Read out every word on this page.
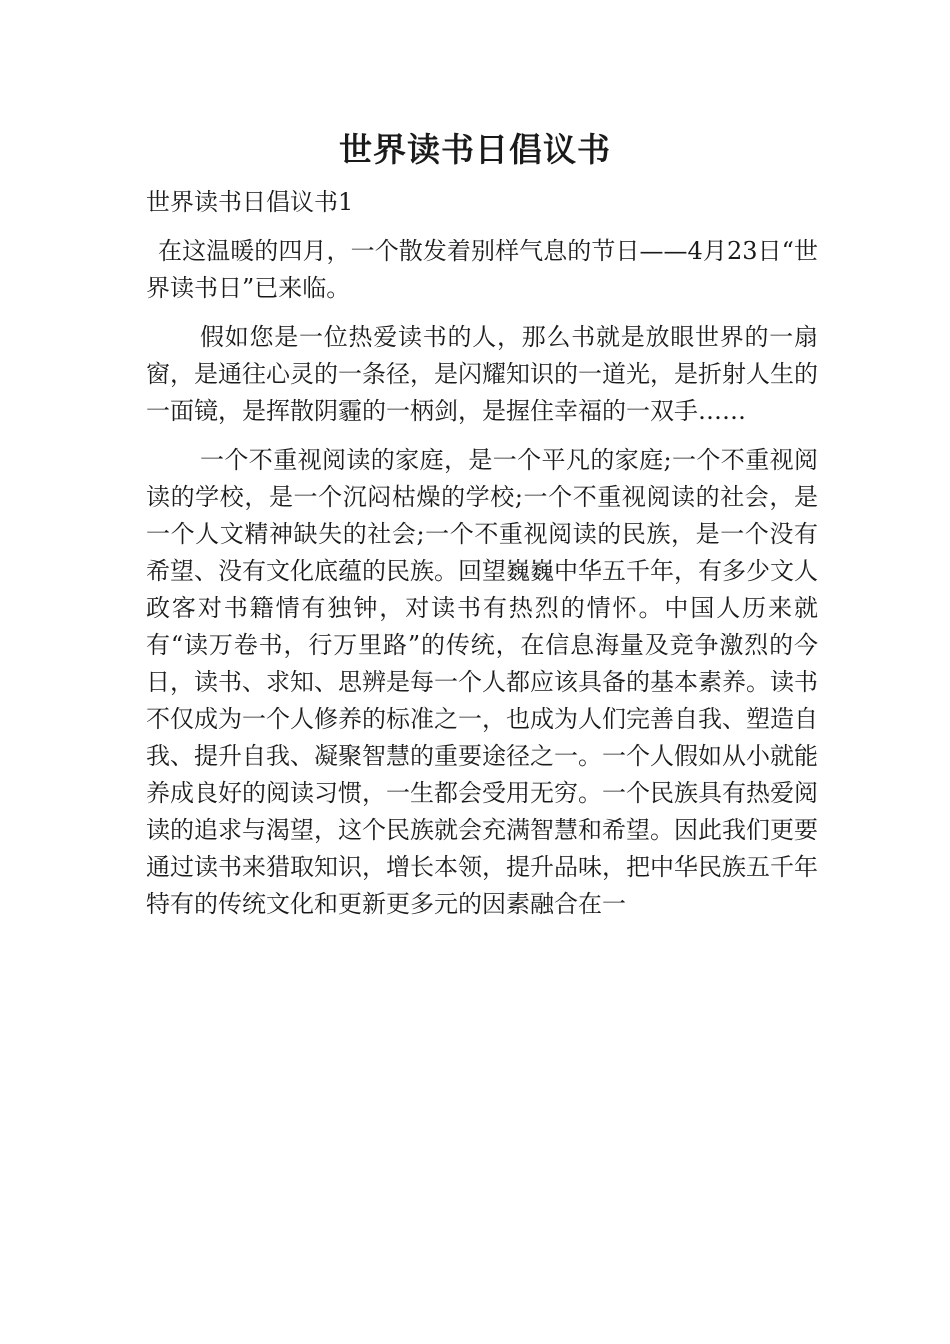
世界读书日倡议书
世界读书日倡议书1

在这温暖的四月，一个散发着别样气息的节日——4月23日“世界读书日”已来临。

假如您是一位热爱读书的人，那么书就是放眼世界的一扇窗，是通往心灵的一条径，是闪耀知识的一道光，是折射人生的一面镜，是挥散阴霾的一柄剑，是握住幸福的一双手……

一个不重视阅读的家庭，是一个平凡的家庭;一个不重视阅读的学校，是一个沉闷枯燥的学校;一个不重视阅读的社会，是一个人文精神缺失的社会;一个不重视阅读的民族，是一个没有希望、没有文化底蕴的民族。回望巍巍中华五千年，有多少文人政客对书籍情有独钟，对读书有热烈的情怀。中国人历来就有“读万卷书，行万里路”的传统，在信息海量及竞争激烈的今日，读书、求知、思辨是每一个人都应该具备的基本素养。读书不仅成为一个人修养的标准之一，也成为人们完善自我、塑造自我、提升自我、凝聚智慧的重要途径之一。一个人假如从小就能养成良好的阅读习惯，一生都会受用无穷。一个民族具有热爱阅读的追求与渴望，这个民族就会充满智慧和希望。因此我们更要通过读书来猎取知识，增长本领，提升品味，把中华民族五千年特有的传统文化和更新更多元的因素融合在一
